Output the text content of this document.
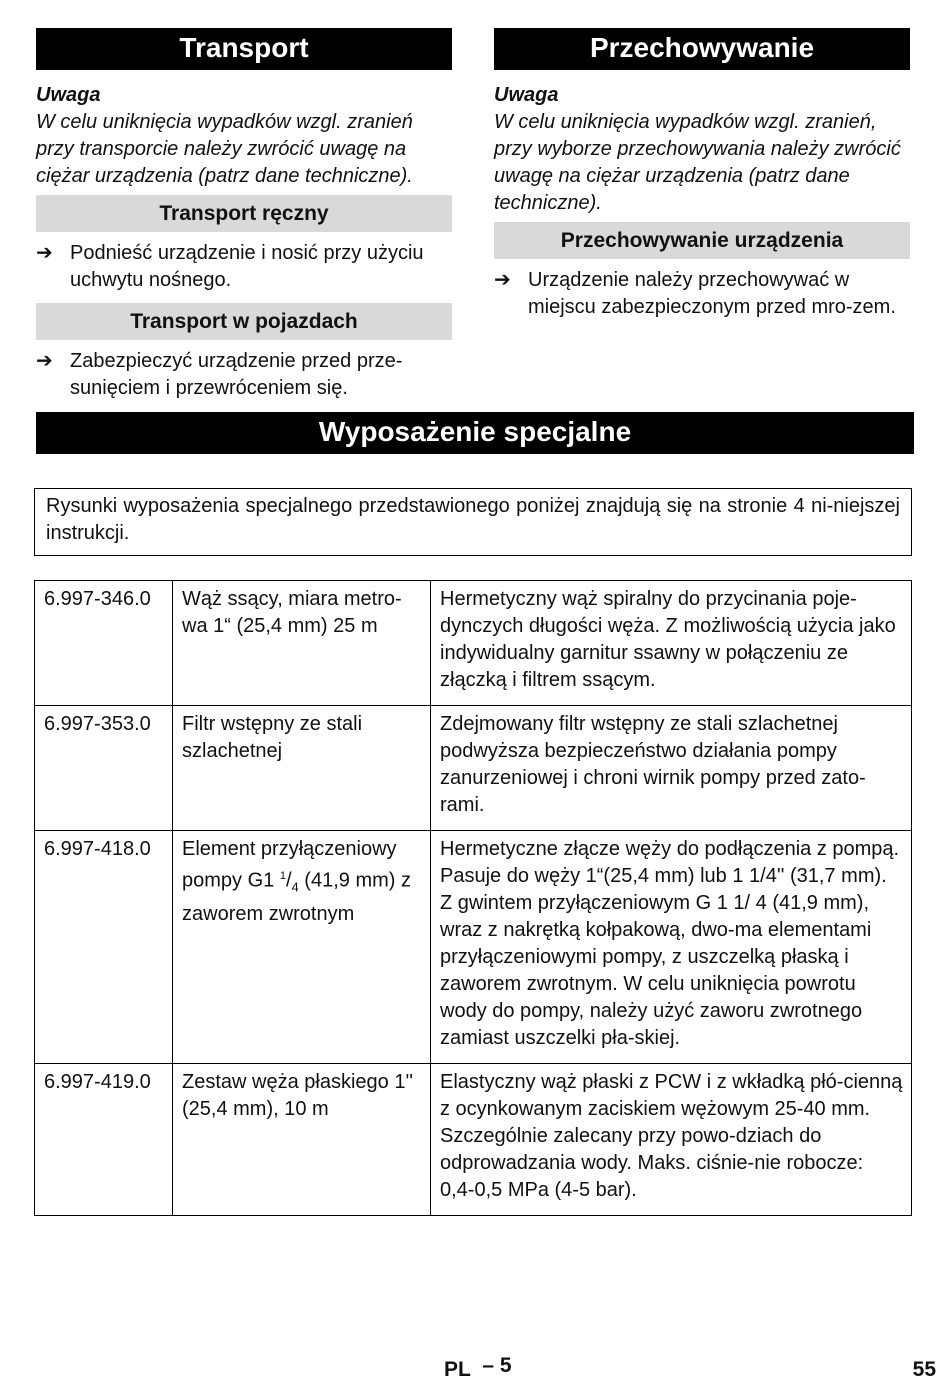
Transport
Uwaga
W celu uniknięcia wypadków wzgl. zranień przy transporcie należy zwrócić uwagę na ciężar urządzenia (patrz dane techniczne).
Transport ręczny
➔ Podnieść urządzenie i nosić przy użyciu uchwytu nośnego.
Transport w pojazdach
➔ Zabezpieczyć urządzenie przed prze-sunięciem i przewróceniem się.
Przechowywanie
Uwaga
W celu uniknięcia wypadków wzgl. zranień, przy wyborze przechowywania należy zwrócić uwagę na ciężar urządzenia (patrz dane techniczne).
Przechowywanie urządzenia
➔ Urządzenie należy przechowywać w miejscu zabezpieczonym przed mro-zem.
Wyposażenie specjalne
Rysunki wyposażenia specjalnego przedstawionego poniżej znajdują się na stronie 4 ni-niejszej instrukcji.
6.997-346.0	Wąż ssący, miara metro-wa 1“ (25,4 mm) 25 m	Hermetyczny wąż spiralny do przycinania poje-dynczych długości węża. Z możliwością użycia jako indywidualny garnitur ssawny w połączeniu ze złączką i filtrem ssącym.
6.997-353.0	Filtr wstępny ze stali szlachetnej	Zdejmowany filtr wstępny ze stali szlachetnej podwyższa bezpieczeństwo działania pompy zanurzeniowej i chroni wirnik pompy przed zato-rami.
6.997-418.0	Element przyłączeniowy pompy G1 $^1/_4$ (41,9 mm) z zaworem zwrotnym	Hermetyczne złącze węży do podłączenia z pompą. Pasuje do węży 1“(25,4 mm) lub 1 1/4'' (31,7 mm). Z gwintem przyłączeniowym G 1 1/ 4 (41,9 mm), wraz z nakrętką kołpakową, dwo-ma elementami przyłączeniowymi pompy, z uszczelką płaską i zaworem zwrotnym. W celu uniknięcia powrotu wody do pompy, należy użyć zaworu zwrotnego zamiast uszczelki pła-skiej.
6.997-419.0	Zestaw węża płaskiego 1'' (25,4 mm), 10 m	Elastyczny wąż płaski z PCW i z wkładką płó-cienną z ocynkowanym zaciskiem wężowym 25-40 mm. Szczególnie zalecany przy powo-dziach do odprowadzania wody. Maks. ciśnie-nie robocze: 0,4-0,5 MPa (4-5 bar).
PL – 5	55
